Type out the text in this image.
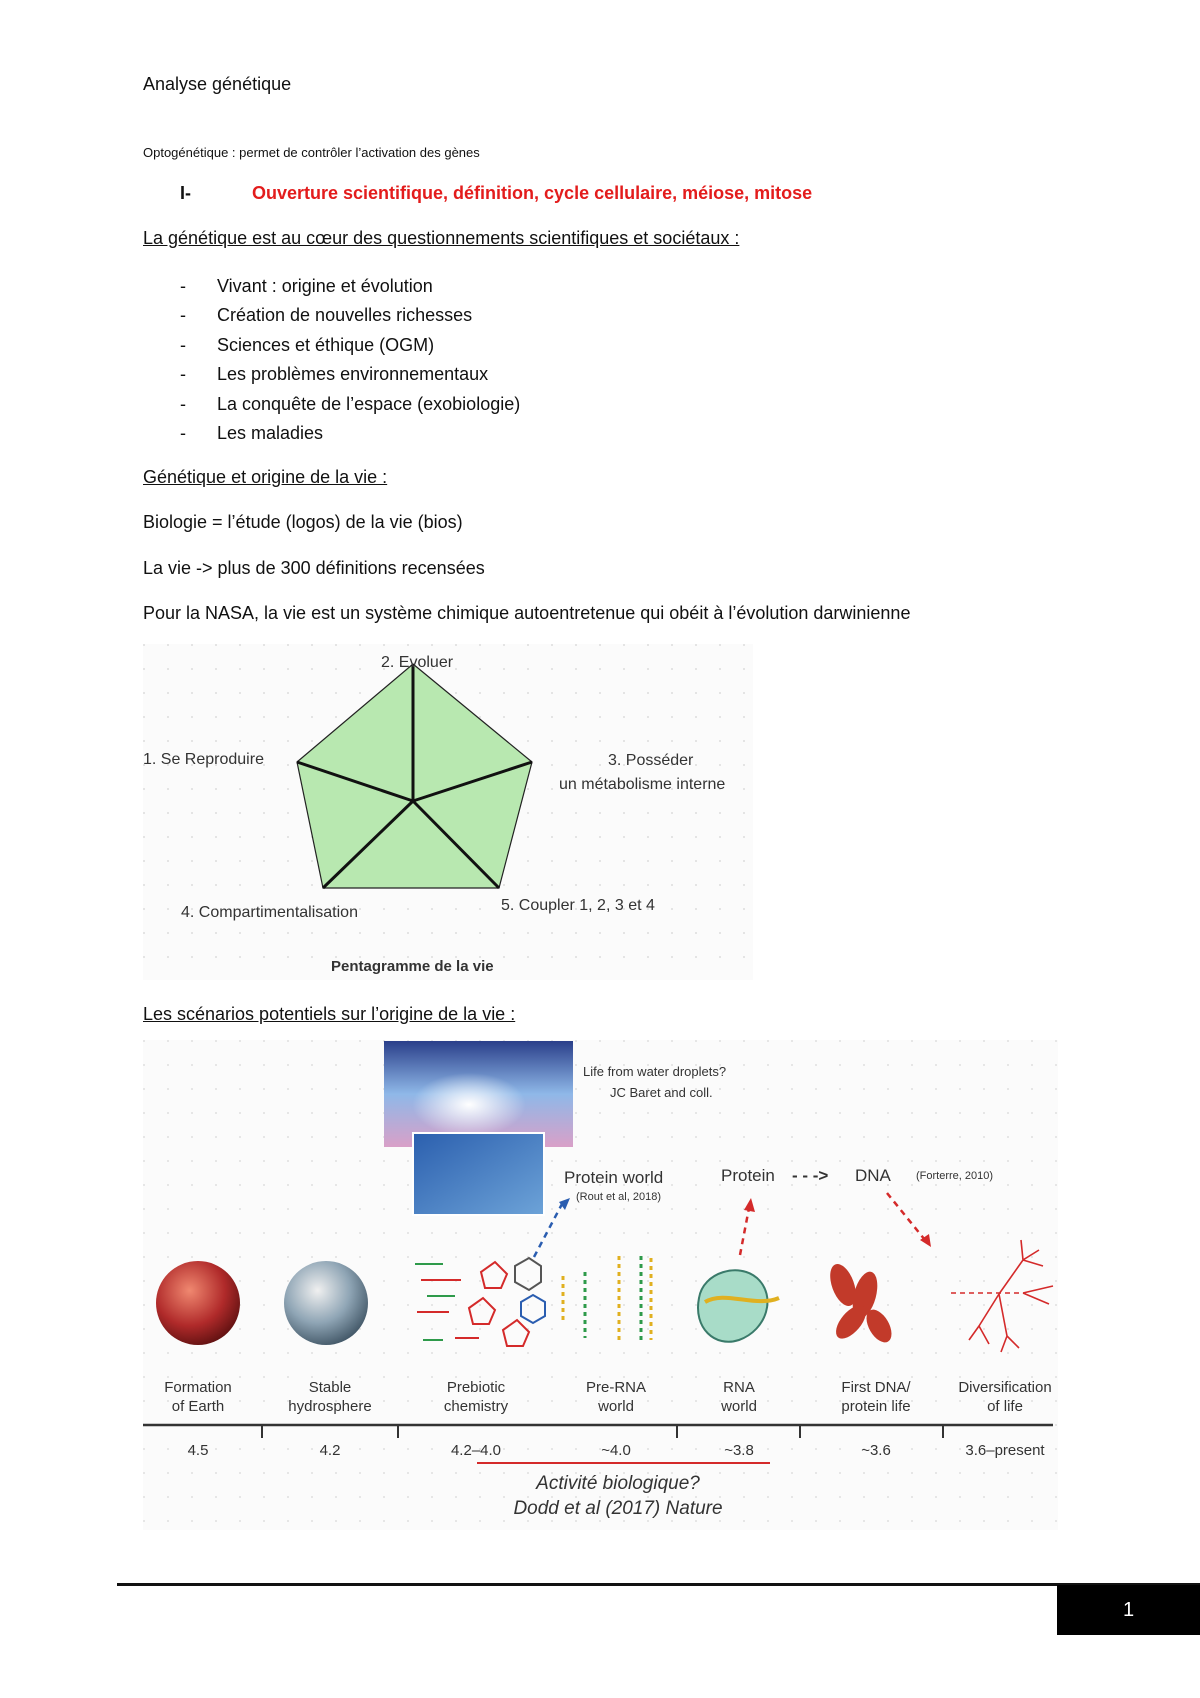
Analyse génétique
Optogénétique : permet de contrôler l’activation des gènes
I-	Ouverture scientifique, définition, cycle cellulaire, méiose, mitose
La génétique est au cœur des questionnements scientifiques et sociétaux :
- Vivant : origine et évolution
- Création de nouvelles richesses
- Sciences et éthique (OGM)
- Les problèmes environnementaux
- La conquête de l’espace (exobiologie)
- Les maladies
Génétique et origine de la vie :
Biologie = l’étude (logos) de la vie (bios)
La vie -> plus de 300 définitions recensées
Pour la NASA, la vie est un système chimique autoentretenue qui obéit à l’évolution darwinienne
2. Evoluer
1. Se Reproduire	3. Posséder
un métabolisme interne
4. Compartimentalisation	5. Coupler 1, 2, 3 et 4
Pentagramme de la vie
Les scénarios potentiels sur l’origine de la vie :
Life from water droplets?
JC Baret and coll.
Protein world
(Rout et al, 2018)
Protein - - -> DNA (Forterre, 2010)
Formation
of Earth
Stable
hydrosphere
Prebiotic
chemistry
Pre-RNA
world
RNA
world
First DNA/
protein life
Diversification
of life
4.5	4.2	4.2–4.0	~4.0	~3.8	~3.6	3.6–present
Activité biologique?
Dodd et al (2017) Nature
1
